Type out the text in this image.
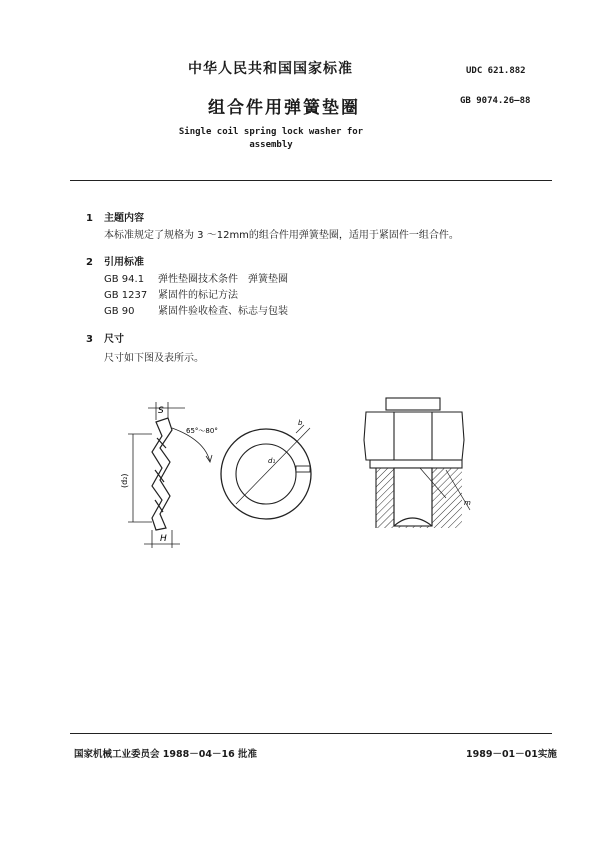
中华人民共和国国家标准	UDC 621.882
组合件用弹簧垫圈	GB 9074.26—88
Single coil spring lock washer for
assembly
1 主题内容
本标准规定了规格为 3 ～12mm的组合件用弹簧垫圈，适用于紧固件一组合件。
2 引用标准
GB 94.1 弹性垫圈技术条件　弹簧垫圈
GB 1237 紧固件的标记方法
GB 90 紧固件验收检查、标志与包装
3 尺寸
尺寸如下图及表所示。
S
(d₂)
H
65°～80°
d₁
b
m
国家机械工业委员会 1988－04－16 批准	1989－01－01实施
